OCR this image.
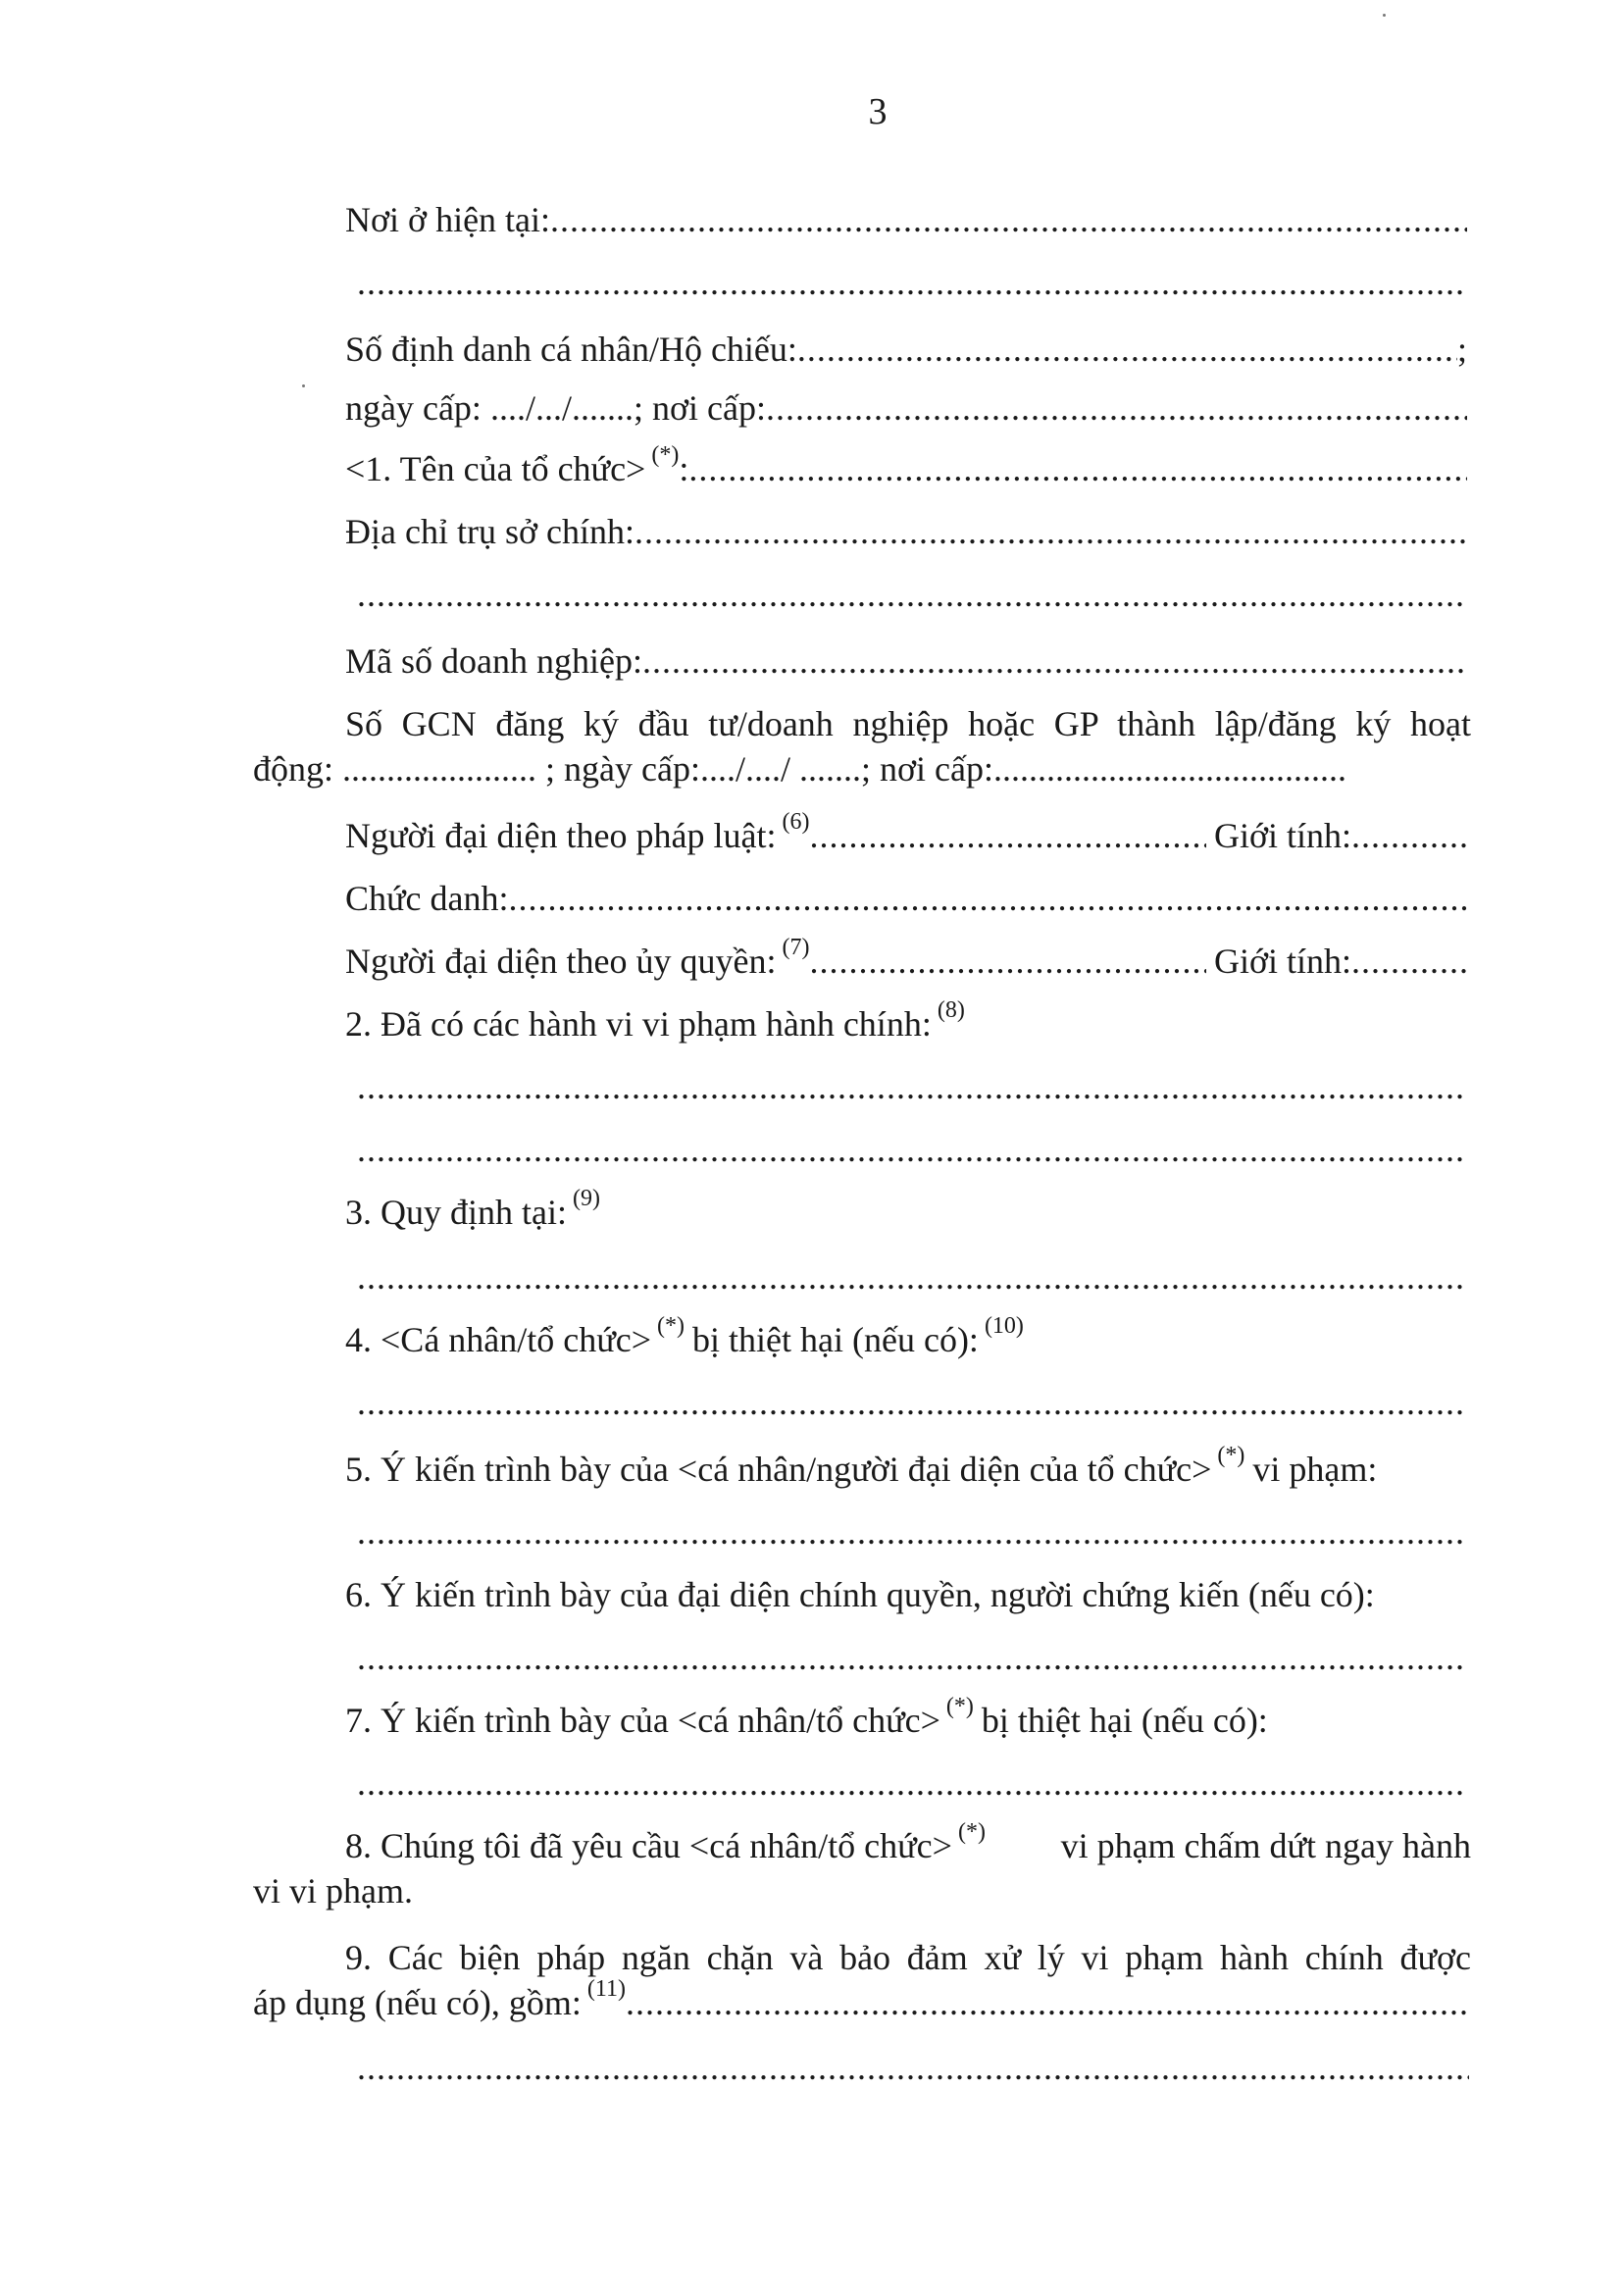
3
Nơi ở hiện tại:
.....
.....
Số định danh cá nhân/Hộ chiếu: .....	;
ngày cấp: ..../.../.......; nơi cấp:
.....
<1. Tên của tổ chức> (*) :
.....
Địa chỉ trụ sở chính:
.....
.....
Mã số doanh nghiệp:
.....
Số GCN đăng ký đầu tư/doanh nghiệp hoặc GP thành lập/đăng ký hoạt
động: ...................... ; ngày cấp:..../..../ .......; nơi cấp:........................................
Người đại diện theo pháp luật: (6) .....	Giới tính:
.....
Chức danh:
.....
Người đại diện theo ủy quyền: (7) .....	Giới tính:
.....
2. Đã có các hành vi vi phạm hành chính: (8)
.....
.....
3. Quy định tại: (9)
.....
4. <Cá nhân/tổ chức> (*) bị thiệt hại (nếu có): (10)
.....
5. Ý kiến trình bày của <cá nhân/người đại diện của tổ chức> (*) vi phạm:
.....
6. Ý kiến trình bày của đại diện chính quyền, người chứng kiến (nếu có):
.....
7. Ý kiến trình bày của <cá nhân/tổ chức> (*) bị thiệt hại (nếu có):
.....
8. Chúng tôi đã yêu cầu <cá nhân/tổ chức> (*) vi phạm chấm dứt ngay hành
vi vi phạm.
9. Các biện pháp ngăn chặn và bảo đảm xử lý vi phạm hành chính được
áp dụng (nếu có), gồm: (11)
.....
.....
